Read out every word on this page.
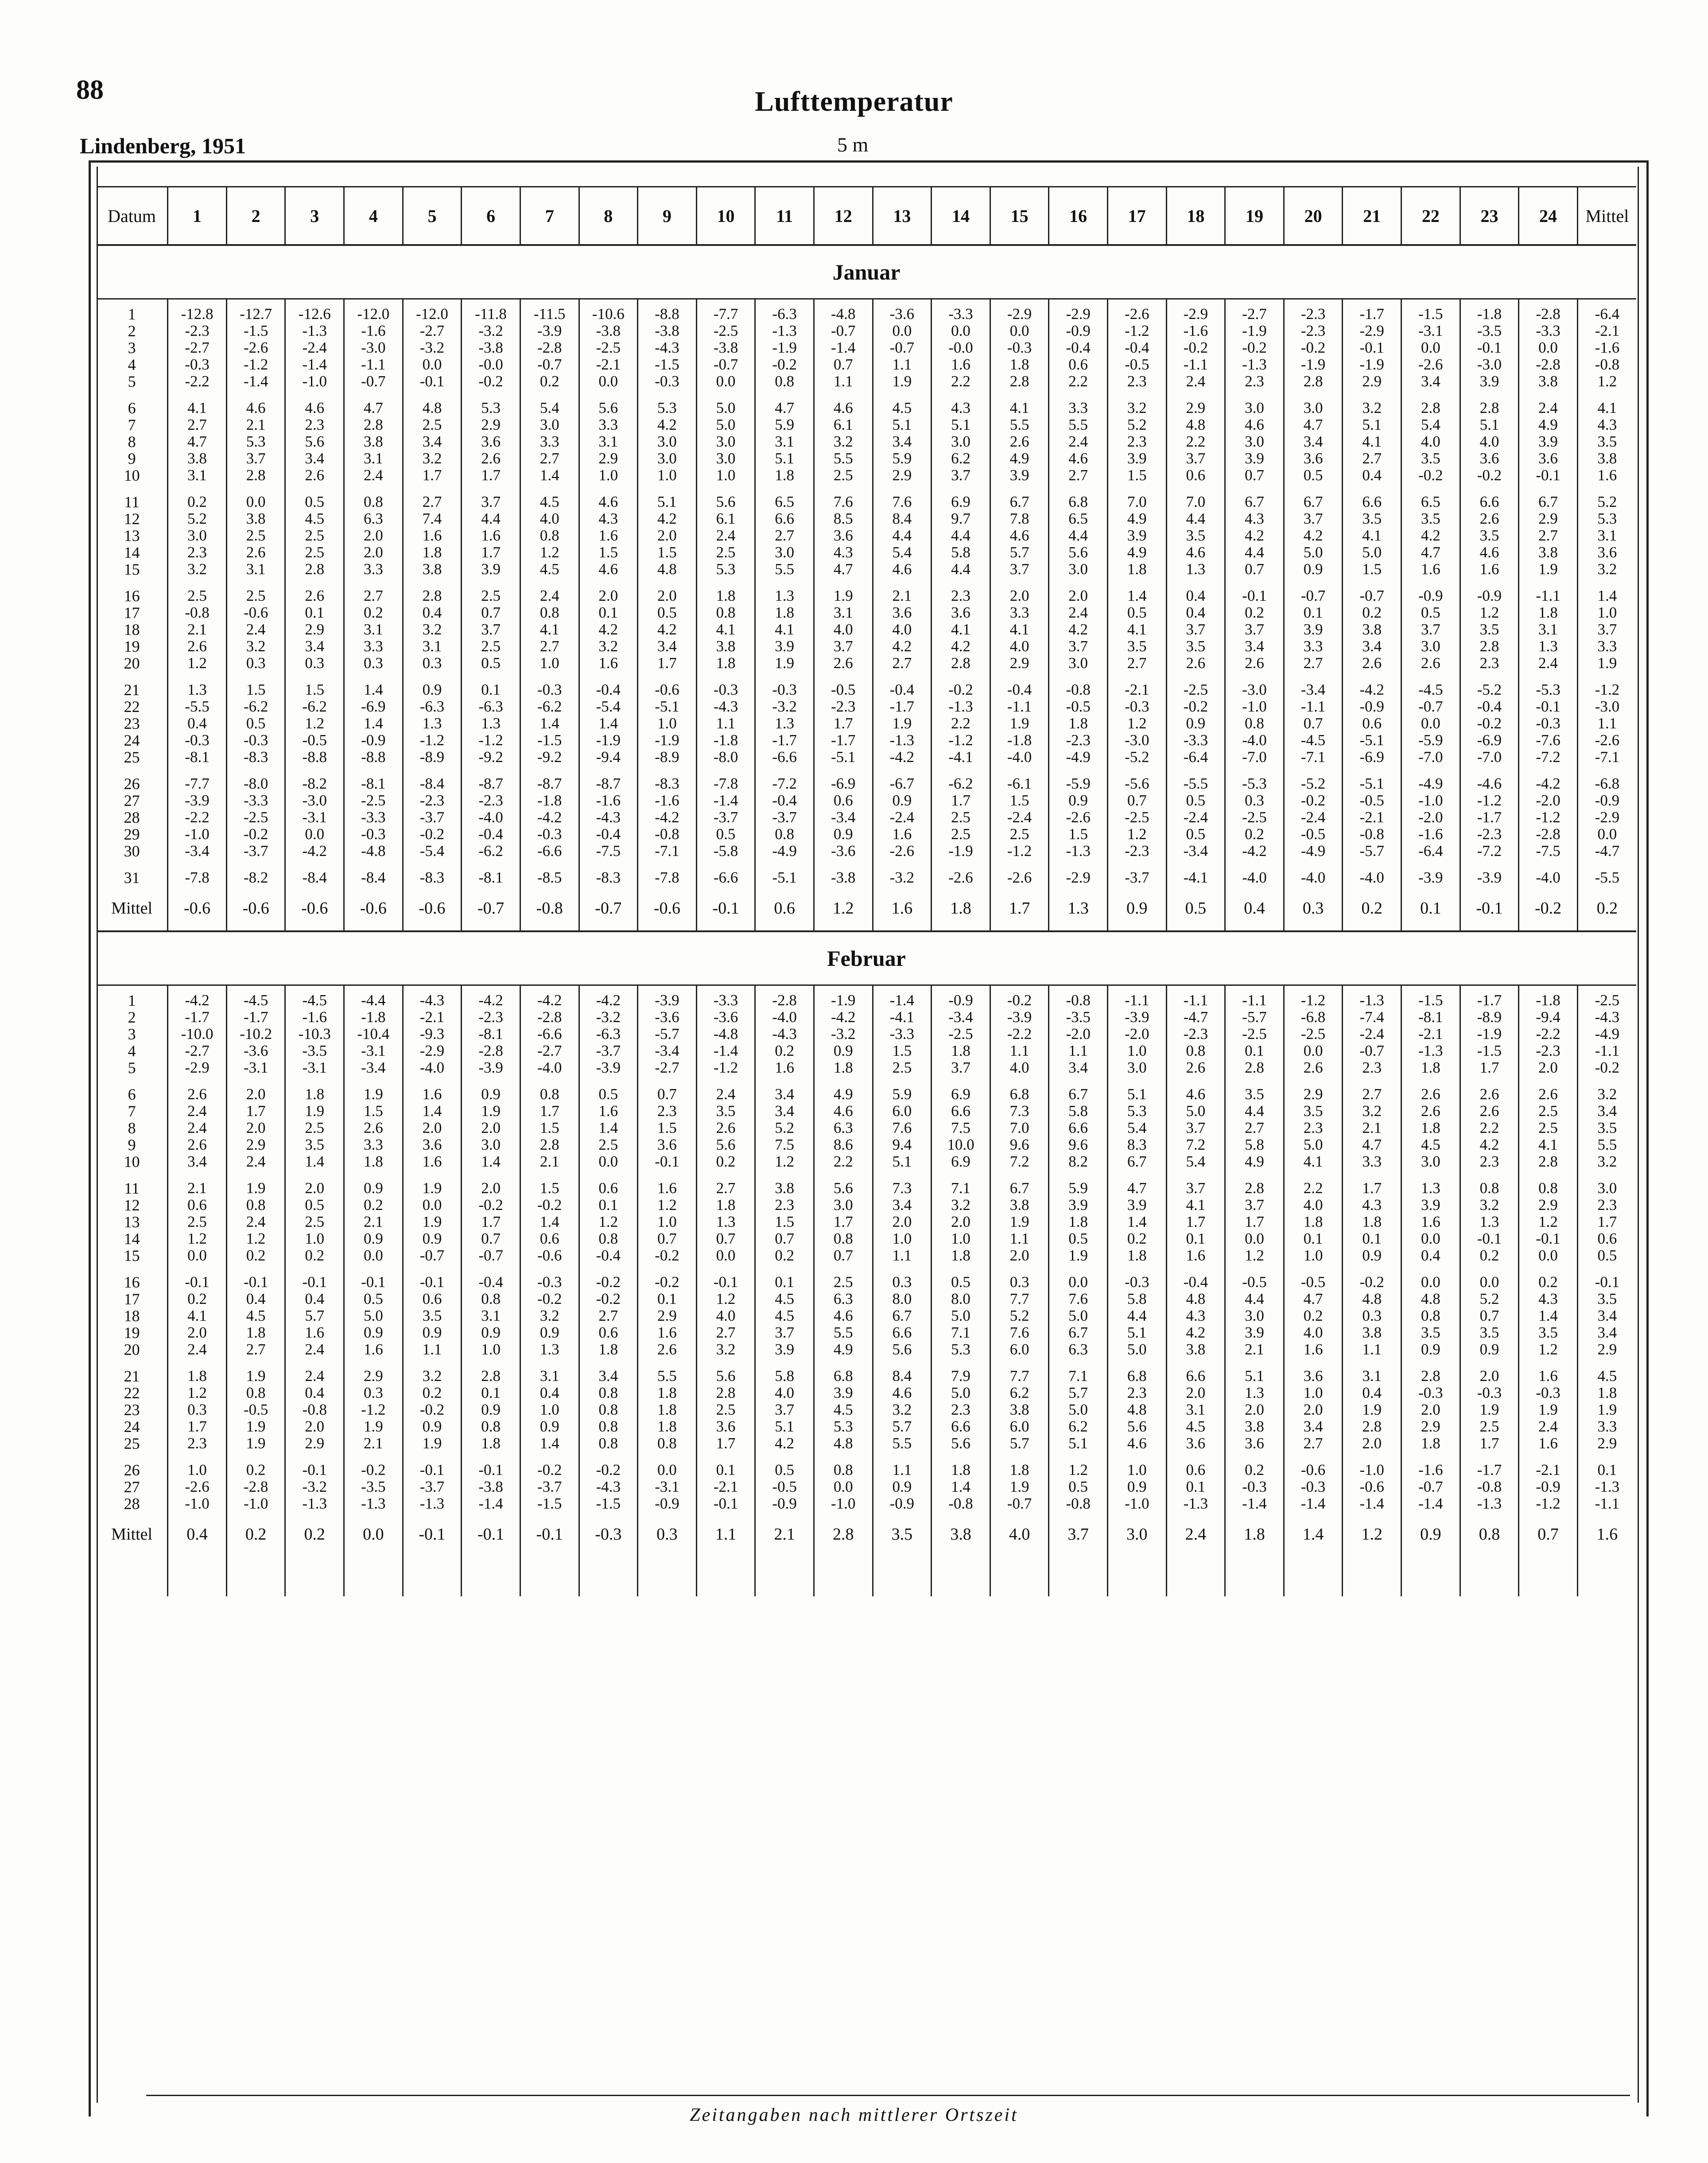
88	Lufttemperatur
Lindenberg, 1951	5 m
Datum	1	2	3	4	5	6	7	8	9	10	11	12	13	14	15	16	17	18	19	20	21	22	23	24	Mittel
Januar																									

1	-12.8	-12.7	-12.6	-12.0	-12.0	-11.8	-11.5	-10.6	-8.8	-7.7	-6.3	-4.8	-3.6	-3.3	-2.9	-2.9	-2.6	-2.9	-2.7	-2.3	-1.7	-1.5	-1.8	-2.8	-6.4
2	-2.3	-1.5	-1.3	-1.6	-2.7	-3.2	-3.9	-3.8	-3.8	-2.5	-1.3	-0.7	0.0	0.0	0.0	-0.9	-1.2	-1.6	-1.9	-2.3	-2.9	-3.1	-3.5	-3.3	-2.1
3	-2.7	-2.6	-2.4	-3.0	-3.2	-3.8	-2.8	-2.5	-4.3	-3.8	-1.9	-1.4	-0.7	-0.0	-0.3	-0.4	-0.4	-0.2	-0.2	-0.2	-0.1	0.0	-0.1	0.0	-1.6
4	-0.3	-1.2	-1.4	-1.1	0.0	-0.0	-0.7	-2.1	-1.5	-0.7	-0.2	0.7	1.1	1.6	1.8	0.6	-0.5	-1.1	-1.3	-1.9	-1.9	-2.6	-3.0	-2.8	-0.8
5	-2.2	-1.4	-1.0	-0.7	-0.1	-0.2	0.2	0.0	-0.3	0.0	0.8	1.1	1.9	2.2	2.8	2.2	2.3	2.4	2.3	2.8	2.9	3.4	3.9	3.8	1.2
6	4.1	4.6	4.6	4.7	4.8	5.3	5.4	5.6	5.3	5.0	4.7	4.6	4.5	4.3	4.1	3.3	3.2	2.9	3.0	3.0	3.2	2.8	2.8	2.4	4.1
7	2.7	2.1	2.3	2.8	2.5	2.9	3.0	3.3	4.2	5.0	5.9	6.1	5.1	5.1	5.5	5.5	5.2	4.8	4.6	4.7	5.1	5.4	5.1	4.9	4.3
8	4.7	5.3	5.6	3.8	3.4	3.6	3.3	3.1	3.0	3.0	3.1	3.2	3.4	3.0	2.6	2.4	2.3	2.2	3.0	3.4	4.1	4.0	4.0	3.9	3.5
9	3.8	3.7	3.4	3.1	3.2	2.6	2.7	2.9	3.0	3.0	5.1	5.5	5.9	6.2	4.9	4.6	3.9	3.7	3.9	3.6	2.7	3.5	3.6	3.6	3.8
10	3.1	2.8	2.6	2.4	1.7	1.7	1.4	1.0	1.0	1.0	1.8	2.5	2.9	3.7	3.9	2.7	1.5	0.6	0.7	0.5	0.4	-0.2	-0.2	-0.1	1.6
11	0.2	0.0	0.5	0.8	2.7	3.7	4.5	4.6	5.1	5.6	6.5	7.6	7.6	6.9	6.7	6.8	7.0	7.0	6.7	6.7	6.6	6.5	6.6	6.7	5.2
12	5.2	3.8	4.5	6.3	7.4	4.4	4.0	4.3	4.2	6.1	6.6	8.5	8.4	9.7	7.8	6.5	4.9	4.4	4.3	3.7	3.5	3.5	2.6	2.9	5.3
13	3.0	2.5	2.5	2.0	1.6	1.6	0.8	1.6	2.0	2.4	2.7	3.6	4.4	4.4	4.6	4.4	3.9	3.5	4.2	4.2	4.1	4.2	3.5	2.7	3.1
14	2.3	2.6	2.5	2.0	1.8	1.7	1.2	1.5	1.5	2.5	3.0	4.3	5.4	5.8	5.7	5.6	4.9	4.6	4.4	5.0	5.0	4.7	4.6	3.8	3.6
15	3.2	3.1	2.8	3.3	3.8	3.9	4.5	4.6	4.8	5.3	5.5	4.7	4.6	4.4	3.7	3.0	1.8	1.3	0.7	0.9	1.5	1.6	1.6	1.9	3.2
16	2.5	2.5	2.6	2.7	2.8	2.5	2.4	2.0	2.0	1.8	1.3	1.9	2.1	2.3	2.0	2.0	1.4	0.4	-0.1	-0.7	-0.7	-0.9	-0.9	-1.1	1.4
17	-0.8	-0.6	0.1	0.2	0.4	0.7	0.8	0.1	0.5	0.8	1.8	3.1	3.6	3.6	3.3	2.4	0.5	0.4	0.2	0.1	0.2	0.5	1.2	1.8	1.0
18	2.1	2.4	2.9	3.1	3.2	3.7	4.1	4.2	4.2	4.1	4.1	4.0	4.0	4.1	4.1	4.2	4.1	3.7	3.7	3.9	3.8	3.7	3.5	3.1	3.7
19	2.6	3.2	3.4	3.3	3.1	2.5	2.7	3.2	3.4	3.8	3.9	3.7	4.2	4.2	4.0	3.7	3.5	3.5	3.4	3.3	3.4	3.0	2.8	1.3	3.3
20	1.2	0.3	0.3	0.3	0.3	0.5	1.0	1.6	1.7	1.8	1.9	2.6	2.7	2.8	2.9	3.0	2.7	2.6	2.6	2.7	2.6	2.6	2.3	2.4	1.9
21	1.3	1.5	1.5	1.4	0.9	0.1	-0.3	-0.4	-0.6	-0.3	-0.3	-0.5	-0.4	-0.2	-0.4	-0.8	-2.1	-2.5	-3.0	-3.4	-4.2	-4.5	-5.2	-5.3	-1.2
22	-5.5	-6.2	-6.2	-6.9	-6.3	-6.3	-6.2	-5.4	-5.1	-4.3	-3.2	-2.3	-1.7	-1.3	-1.1	-0.5	-0.3	-0.2	-1.0	-1.1	-0.9	-0.7	-0.4	-0.1	-3.0
23	0.4	0.5	1.2	1.4	1.3	1.3	1.4	1.4	1.0	1.1	1.3	1.7	1.9	2.2	1.9	1.8	1.2	0.9	0.8	0.7	0.6	0.0	-0.2	-0.3	1.1
24	-0.3	-0.3	-0.5	-0.9	-1.2	-1.2	-1.5	-1.9	-1.9	-1.8	-1.7	-1.7	-1.3	-1.2	-1.8	-2.3	-3.0	-3.3	-4.0	-4.5	-5.1	-5.9	-6.9	-7.6	-2.6
25	-8.1	-8.3	-8.8	-8.8	-8.9	-9.2	-9.2	-9.4	-8.9	-8.0	-6.6	-5.1	-4.2	-4.1	-4.0	-4.9	-5.2	-6.4	-7.0	-7.1	-6.9	-7.0	-7.0	-7.2	-7.1
26	-7.7	-8.0	-8.2	-8.1	-8.4	-8.7	-8.7	-8.7	-8.3	-7.8	-7.2	-6.9	-6.7	-6.2	-6.1	-5.9	-5.6	-5.5	-5.3	-5.2	-5.1	-4.9	-4.6	-4.2	-6.8
27	-3.9	-3.3	-3.0	-2.5	-2.3	-2.3	-1.8	-1.6	-1.6	-1.4	-0.4	0.6	0.9	1.7	1.5	0.9	0.7	0.5	0.3	-0.2	-0.5	-1.0	-1.2	-2.0	-0.9
28	-2.2	-2.5	-3.1	-3.3	-3.7	-4.0	-4.2	-4.3	-4.2	-3.7	-3.7	-3.4	-2.4	2.5	-2.4	-2.6	-2.5	-2.4	-2.5	-2.4	-2.1	-2.0	-1.7	-1.2	-2.9
29	-1.0	-0.2	0.0	-0.3	-0.2	-0.4	-0.3	-0.4	-0.8	0.5	0.8	0.9	1.6	2.5	2.5	1.5	1.2	0.5	0.2	-0.5	-0.8	-1.6	-2.3	-2.8	0.0
30	-3.4	-3.7	-4.2	-4.8	-5.4	-6.2	-6.6	-7.5	-7.1	-5.8	-4.9	-3.6	-2.6	-1.9	-1.2	-1.3	-2.3	-3.4	-4.2	-4.9	-5.7	-6.4	-7.2	-7.5	-4.7
31	-7.8	-8.2	-8.4	-8.4	-8.3	-8.1	-8.5	-8.3	-7.8	-6.6	-5.1	-3.8	-3.2	-2.6	-2.6	-2.9	-3.7	-4.1	-4.0	-4.0	-4.0	-3.9	-3.9	-4.0	-5.5
Mittel	-0.6	-0.6	-0.6	-0.6	-0.6	-0.7	-0.8	-0.7	-0.6	-0.1	0.6	1.2	1.6	1.8	1.7	1.3	0.9	0.5	0.4	0.3	0.2	0.1	-0.1	-0.2	0.2
Februar																									

1	-4.2	-4.5	-4.5	-4.4	-4.3	-4.2	-4.2	-4.2	-3.9	-3.3	-2.8	-1.9	-1.4	-0.9	-0.2	-0.8	-1.1	-1.1	-1.1	-1.2	-1.3	-1.5	-1.7	-1.8	-2.5
2	-1.7	-1.7	-1.6	-1.8	-2.1	-2.3	-2.8	-3.2	-3.6	-3.6	-4.0	-4.2	-4.1	-3.4	-3.9	-3.5	-3.9	-4.7	-5.7	-6.8	-7.4	-8.1	-8.9	-9.4	-4.3
3	-10.0	-10.2	-10.3	-10.4	-9.3	-8.1	-6.6	-6.3	-5.7	-4.8	-4.3	-3.2	-3.3	-2.5	-2.2	-2.0	-2.0	-2.3	-2.5	-2.5	-2.4	-2.1	-1.9	-2.2	-4.9
4	-2.7	-3.6	-3.5	-3.1	-2.9	-2.8	-2.7	-3.7	-3.4	-1.4	0.2	0.9	1.5	1.8	1.1	1.1	1.0	0.8	0.1	0.0	-0.7	-1.3	-1.5	-2.3	-1.1
5	-2.9	-3.1	-3.1	-3.4	-4.0	-3.9	-4.0	-3.9	-2.7	-1.2	1.6	1.8	2.5	3.7	4.0	3.4	3.0	2.6	2.8	2.6	2.3	1.8	1.7	2.0	-0.2
6	2.6	2.0	1.8	1.9	1.6	0.9	0.8	0.5	0.7	2.4	3.4	4.9	5.9	6.9	6.8	6.7	5.1	4.6	3.5	2.9	2.7	2.6	2.6	2.6	3.2
7	2.4	1.7	1.9	1.5	1.4	1.9	1.7	1.6	2.3	3.5	3.4	4.6	6.0	6.6	7.3	5.8	5.3	5.0	4.4	3.5	3.2	2.6	2.6	2.5	3.4
8	2.4	2.0	2.5	2.6	2.0	2.0	1.5	1.4	1.5	2.6	5.2	6.3	7.6	7.5	7.0	6.6	5.4	3.7	2.7	2.3	2.1	1.8	2.2	2.5	3.5
9	2.6	2.9	3.5	3.3	3.6	3.0	2.8	2.5	3.6	5.6	7.5	8.6	9.4	10.0	9.6	9.6	8.3	7.2	5.8	5.0	4.7	4.5	4.2	4.1	5.5
10	3.4	2.4	1.4	1.8	1.6	1.4	2.1	0.0	-0.1	0.2	1.2	2.2	5.1	6.9	7.2	8.2	6.7	5.4	4.9	4.1	3.3	3.0	2.3	2.8	3.2
11	2.1	1.9	2.0	0.9	1.9	2.0	1.5	0.6	1.6	2.7	3.8	5.6	7.3	7.1	6.7	5.9	4.7	3.7	2.8	2.2	1.7	1.3	0.8	0.8	3.0
12	0.6	0.8	0.5	0.2	0.0	-0.2	-0.2	0.1	1.2	1.8	2.3	3.0	3.4	3.2	3.8	3.9	3.9	4.1	3.7	4.0	4.3	3.9	3.2	2.9	2.3
13	2.5	2.4	2.5	2.1	1.9	1.7	1.4	1.2	1.0	1.3	1.5	1.7	2.0	2.0	1.9	1.8	1.4	1.7	1.7	1.8	1.8	1.6	1.3	1.2	1.7
14	1.2	1.2	1.0	0.9	0.9	0.7	0.6	0.8	0.7	0.7	0.7	0.8	1.0	1.0	1.1	0.5	0.2	0.1	0.0	0.1	0.1	0.0	-0.1	-0.1	0.6
15	0.0	0.2	0.2	0.0	-0.7	-0.7	-0.6	-0.4	-0.2	0.0	0.2	0.7	1.1	1.8	2.0	1.9	1.8	1.6	1.2	1.0	0.9	0.4	0.2	0.0	0.5
16	-0.1	-0.1	-0.1	-0.1	-0.1	-0.4	-0.3	-0.2	-0.2	-0.1	0.1	2.5	0.3	0.5	0.3	0.0	-0.3	-0.4	-0.5	-0.5	-0.2	0.0	0.0	0.2	-0.1
17	0.2	0.4	0.4	0.5	0.6	0.8	-0.2	-0.2	0.1	1.2	4.5	6.3	8.0	8.0	7.7	7.6	5.8	4.8	4.4	4.7	4.8	4.8	5.2	4.3	3.5
18	4.1	4.5	5.7	5.0	3.5	3.1	3.2	2.7	2.9	4.0	4.5	4.6	6.7	5.0	5.2	5.0	4.4	4.3	3.0	0.2	0.3	0.8	0.7	1.4	3.4
19	2.0	1.8	1.6	0.9	0.9	0.9	0.9	0.6	1.6	2.7	3.7	5.5	6.6	7.1	7.6	6.7	5.1	4.2	3.9	4.0	3.8	3.5	3.5	3.5	3.4
20	2.4	2.7	2.4	1.6	1.1	1.0	1.3	1.8	2.6	3.2	3.9	4.9	5.6	5.3	6.0	6.3	5.0	3.8	2.1	1.6	1.1	0.9	0.9	1.2	2.9
21	1.8	1.9	2.4	2.9	3.2	2.8	3.1	3.4	5.5	5.6	5.8	6.8	8.4	7.9	7.7	7.1	6.8	6.6	5.1	3.6	3.1	2.8	2.0	1.6	4.5
22	1.2	0.8	0.4	0.3	0.2	0.1	0.4	0.8	1.8	2.8	4.0	3.9	4.6	5.0	6.2	5.7	2.3	2.0	1.3	1.0	0.4	-0.3	-0.3	-0.3	1.8
23	0.3	-0.5	-0.8	-1.2	-0.2	0.9	1.0	0.8	1.8	2.5	3.7	4.5	3.2	2.3	3.8	5.0	4.8	3.1	2.0	2.0	1.9	2.0	1.9	1.9	1.9
24	1.7	1.9	2.0	1.9	0.9	0.8	0.9	0.8	1.8	3.6	5.1	5.3	5.7	6.6	6.0	6.2	5.6	4.5	3.8	3.4	2.8	2.9	2.5	2.4	3.3
25	2.3	1.9	2.9	2.1	1.9	1.8	1.4	0.8	0.8	1.7	4.2	4.8	5.5	5.6	5.7	5.1	4.6	3.6	3.6	2.7	2.0	1.8	1.7	1.6	2.9
26	1.0	0.2	-0.1	-0.2	-0.1	-0.1	-0.2	-0.2	0.0	0.1	0.5	0.8	1.1	1.8	1.8	1.2	1.0	0.6	0.2	-0.6	-1.0	-1.6	-1.7	-2.1	0.1
27	-2.6	-2.8	-3.2	-3.5	-3.7	-3.8	-3.7	-4.3	-3.1	-2.1	-0.5	0.0	0.9	1.4	1.9	0.5	0.9	0.1	-0.3	-0.3	-0.6	-0.7	-0.8	-0.9	-1.3
28	-1.0	-1.0	-1.3	-1.3	-1.3	-1.4	-1.5	-1.5	-0.9	-0.1	-0.9	-1.0	-0.9	-0.8	-0.7	-0.8	-1.0	-1.3	-1.4	-1.4	-1.4	-1.4	-1.3	-1.2	-1.1
Mittel	0.4	0.2	0.2	0.0	-0.1	-0.1	-0.1	-0.3	0.3	1.1	2.1	2.8	3.5	3.8	4.0	3.7	3.0	2.4	1.8	1.4	1.2	0.9	0.8	0.7	1.6

Zeitangaben nach mittlerer Ortszeit
